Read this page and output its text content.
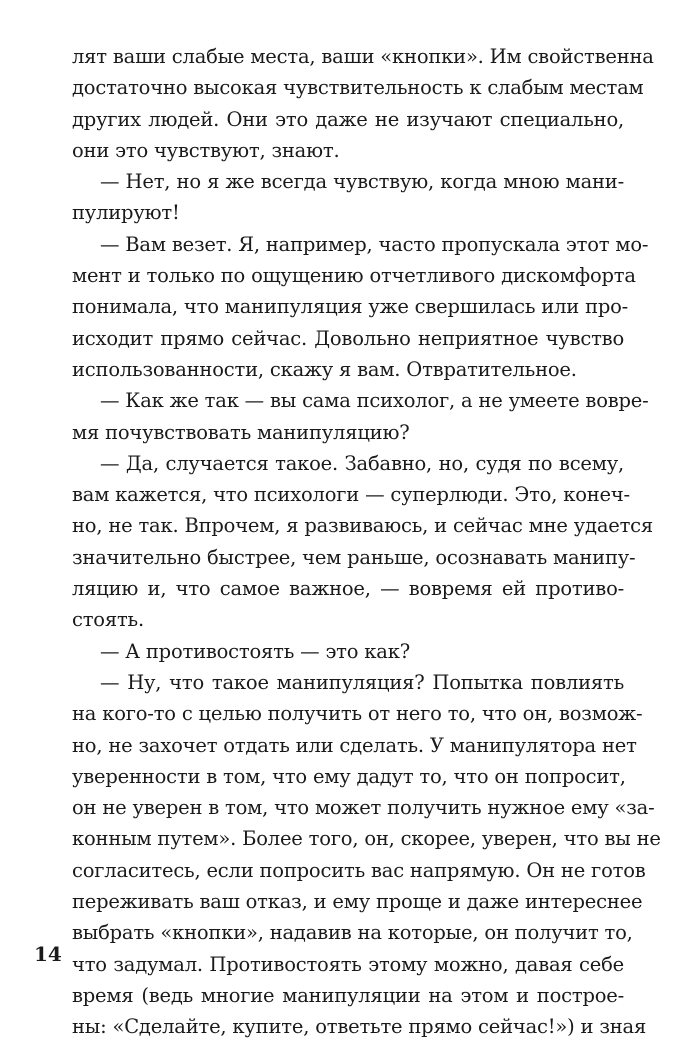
лят ваши слабые места, ваши «кнопки». Им свойственна
достаточно высокая чувствительность к слабым местам
других людей. Они это даже не изучают специально,
они это чувствуют, знают.
— Нет, но я же всегда чувствую, когда мною мани-
пулируют!
— Вам везет. Я, например, часто пропускала этот мо-
мент и только по ощущению отчетливого дискомфорта
понимала, что манипуляция уже свершилась или про-
исходит прямо сейчас. Довольно неприятное чувство
использованности, скажу я вам. Отвратительное.
— Как же так — вы сама психолог, а не умеете вовре-
мя почувствовать манипуляцию?
— Да, случается такое. Забавно, но, судя по всему,
вам кажется, что психологи — суперлюди. Это, конеч-
но, не так. Впрочем, я развиваюсь, и сейчас мне удается
значительно быстрее, чем раньше, осознавать манипу-
ляцию и, что самое важное, — вовремя ей противо-
стоять.
— А противостоять — это как?
— Ну, что такое манипуляция? Попытка повлиять
на кого-то с целью получить от него то, что он, возмож-
но, не захочет отдать или сделать. У манипулятора нет
уверенности в том, что ему дадут то, что он попросит,
он не уверен в том, что может получить нужное ему «за-
конным путем». Более того, он, скорее, уверен, что вы не
согласитесь, если попросить вас напрямую. Он не готов
переживать ваш отказ, и ему проще и даже интереснее
выбрать «кнопки», надавив на которые, он получит то,
что задумал. Противостоять этому можно, давая себе
время (ведь многие манипуляции на этом и построе-
ны: «Сделайте, купите, ответьте прямо сейчас!») и зная
14
